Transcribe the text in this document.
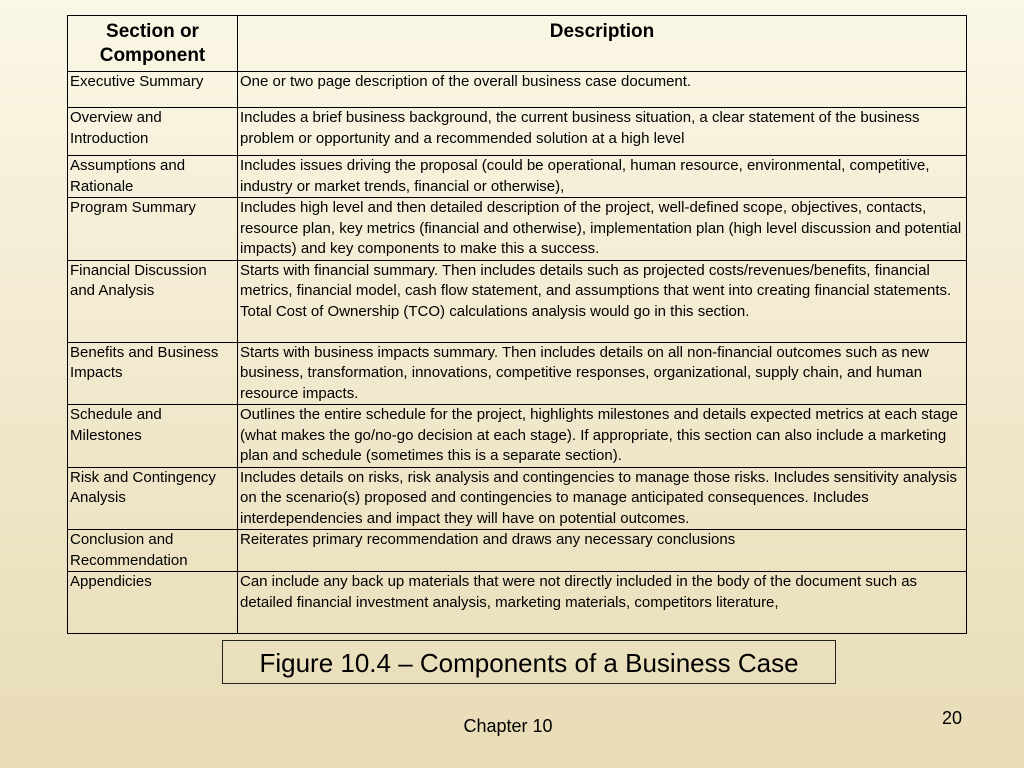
Section or Component	Description
Executive Summary	One or two page description of the overall business case document.
Overview and Introduction	Includes a brief business background, the current business situation, a clear statement of the business problem or opportunity and a recommended solution at a high level
Assumptions and Rationale	Includes issues driving the proposal (could be operational, human resource, environmental, competitive, industry or market trends, financial or otherwise),
Program Summary	Includes high level and then detailed description of the project, well-defined scope, objectives, contacts, resource plan, key metrics (financial and otherwise), implementation plan (high level discussion and potential impacts) and key components to make this a success.
Financial Discussion and Analysis	Starts with financial summary. Then includes details such as projected costs/revenues/benefits, financial metrics, financial model, cash flow statement, and assumptions that went into creating financial statements. Total Cost of Ownership (TCO) calculations analysis would go in this section.
Benefits and Business Impacts	Starts with business impacts summary. Then includes details on all non-financial outcomes such as new business, transformation, innovations, competitive responses, organizational, supply chain, and human resource impacts.
Schedule and Milestones	Outlines the entire schedule for the project, highlights milestones and details expected metrics at each stage (what makes the go/no-go decision at each stage). If appropriate, this section can also include a marketing plan and schedule (sometimes this is a separate section).
Risk and Contingency Analysis	Includes details on risks, risk analysis and contingencies to manage those risks. Includes sensitivity analysis on the scenario(s) proposed and contingencies to manage anticipated consequences. Includes interdependencies and impact they will have on potential outcomes.
Conclusion and Recommendation	Reiterates primary recommendation and draws any necessary conclusions
Appendicies	Can include any back up materials that were not directly included in the body of the document such as detailed financial investment analysis, marketing materials, competitors literature,
Figure 10.4 – Components of a Business Case
Chapter 10	20
